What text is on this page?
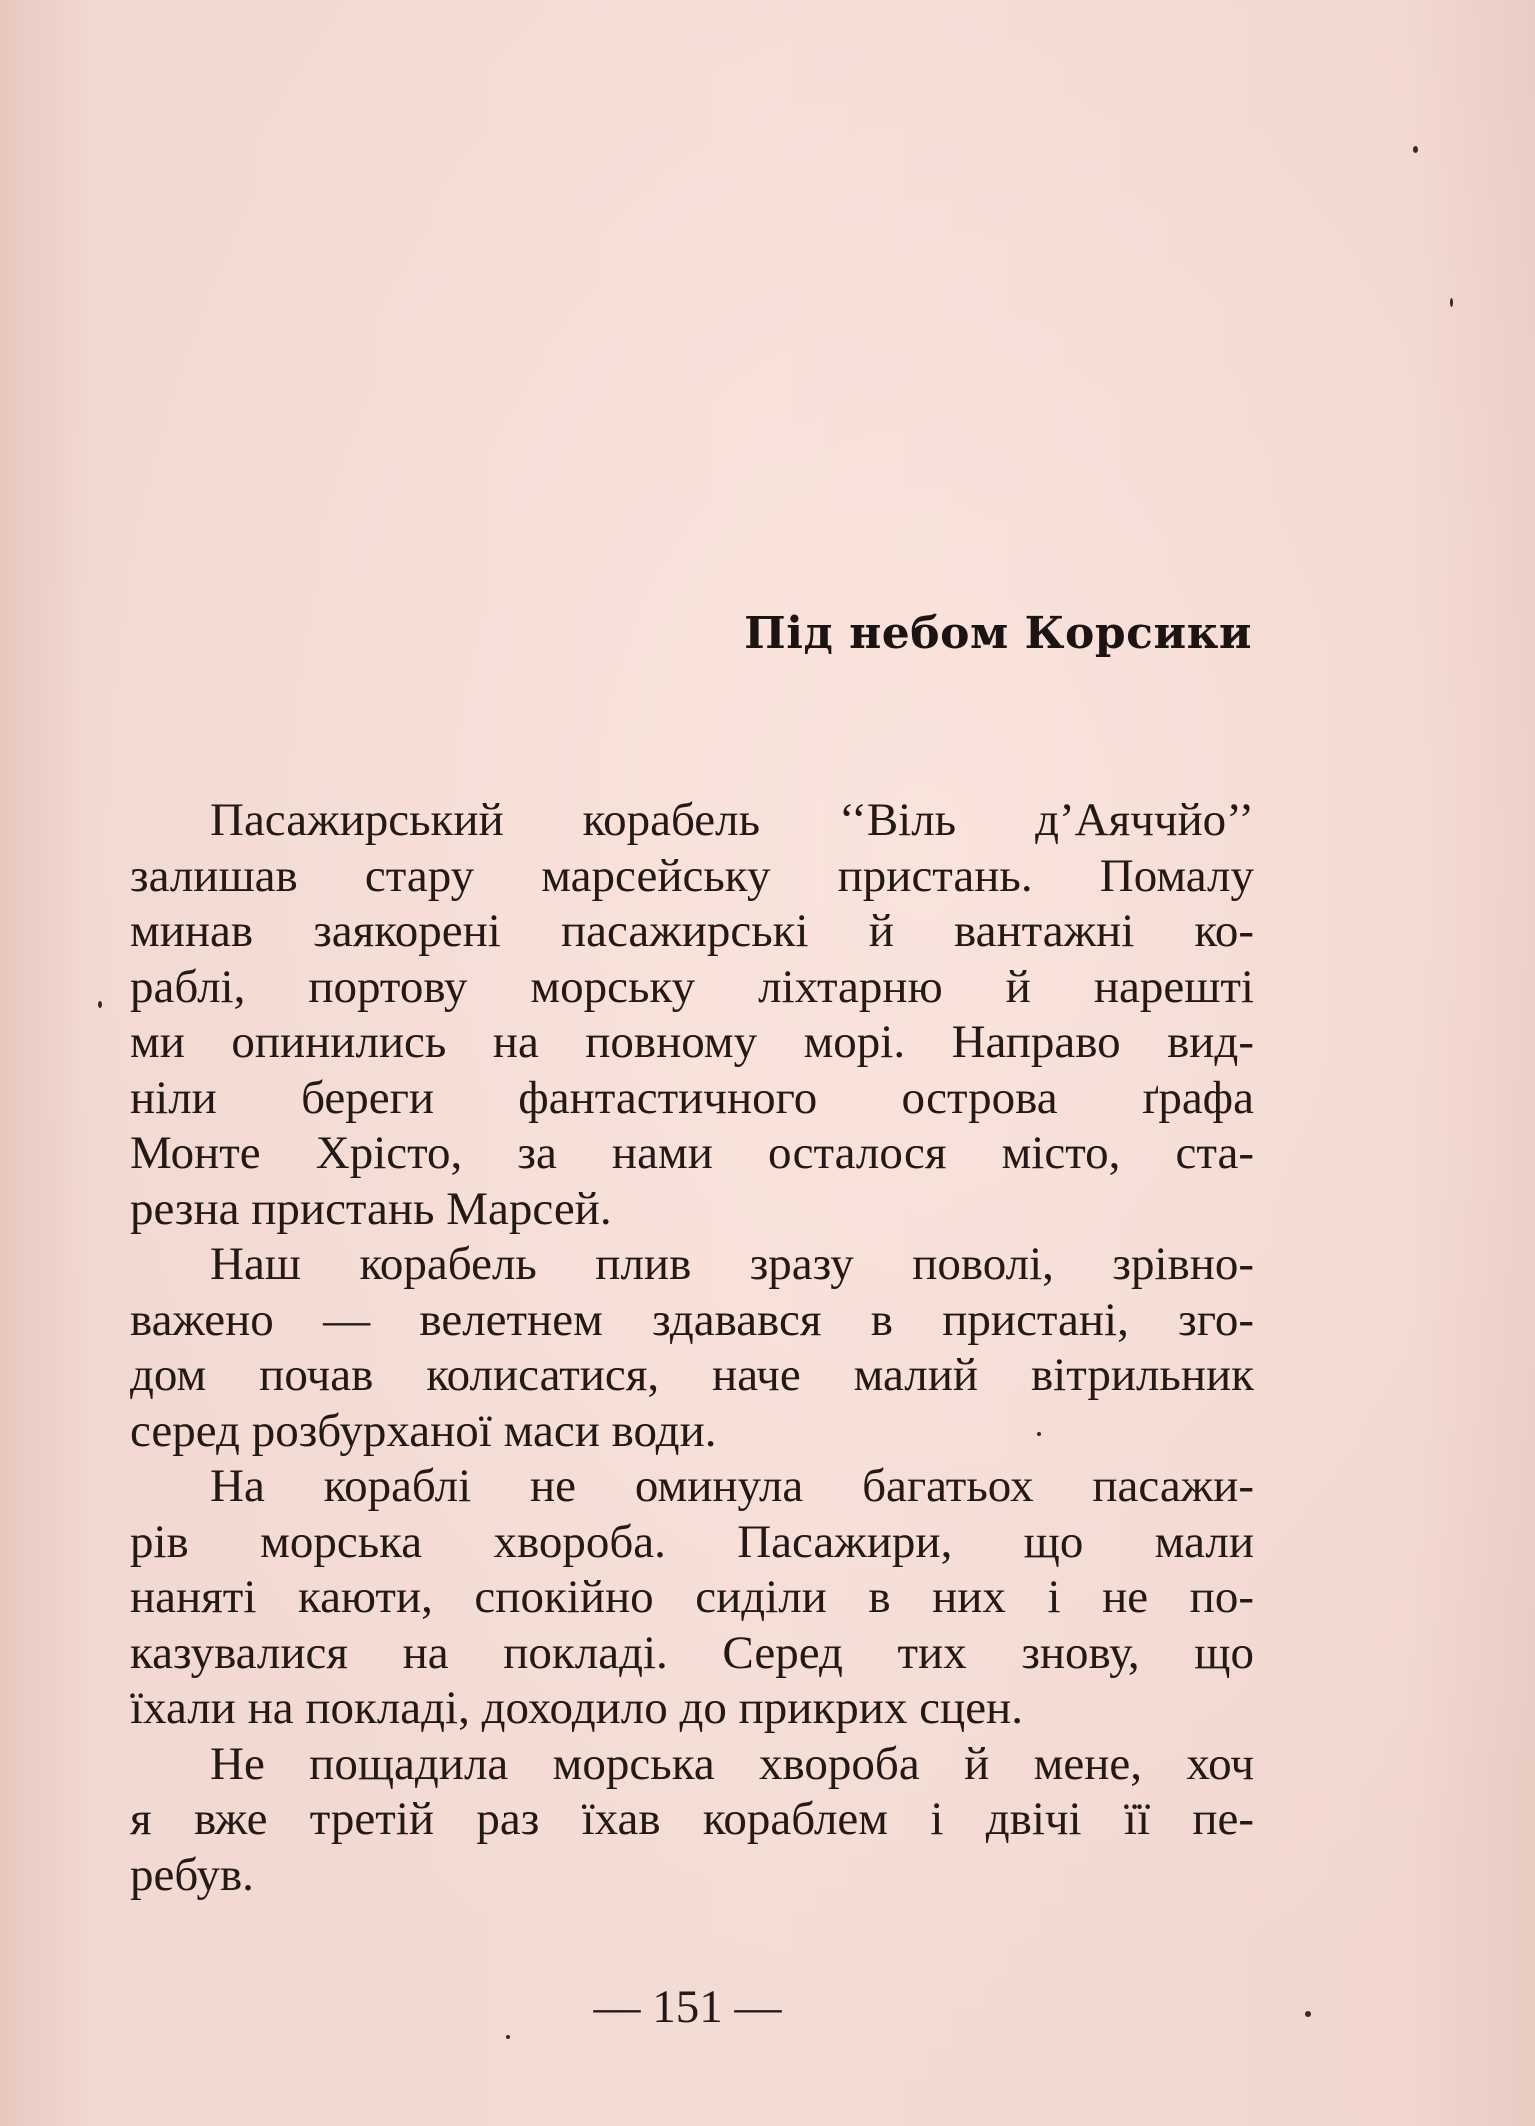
Під небом Корсики
Пасажирський корабель ‘‘Віль д’Аяччйо’’
залишав стару марсейську пристань. Помалу
минав заякорені пасажирські й вантажні ко-
раблі, портову морську ліхтарню й нарешті
ми опинились на повному морі. Направо вид-
ніли береги фантастичного острова ґрафа
Монте Хрісто, за нами осталося місто, ста-
резна пристань Марсей.
Наш корабель плив зразу поволі, зрівно-
важено — велетнем здавався в пристані, зго-
дом почав колисатися, наче малий вітрильник
серед розбурханої маси води.
На кораблі не оминула багатьох пасажи-
рів морська хвороба. Пасажири, що мали
наняті каюти, спокійно сиділи в них і не по-
казувалися на покладі. Серед тих знову, що
їхали на покладі, доходило до прикрих сцен.
Не пощадила морська хвороба й мене, хоч
я вже третій раз їхав кораблем і двічі її пе-
ребув.
— 151 —
